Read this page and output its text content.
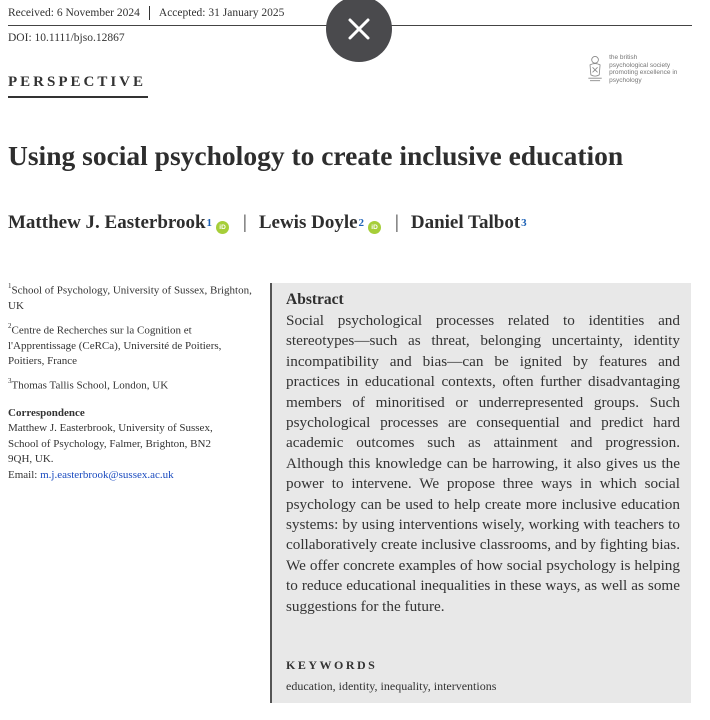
Received: 6 November 2024 Accepted: 31 January 2025
DOI: 10.1111/bjso.12867
PERSPECTIVE
the british
psychological society
promoting excellence in psychology
Using social psychology to create inclusive education
Matthew J. Easterbrook$^1$	iD | Lewis Doyle$^2$	iD | Daniel Talbot$^3$
$^1$School of Psychology, University of Sussex, Brighton, UK
$^2$Centre de Recherches sur la Cognition et l'Apprentissage (CeRCa), Université de Poitiers, Poitiers, France
$^3$Thomas Tallis School, London, UK
Correspondence
Matthew J. Easterbrook, University of Sussex,
School of Psychology, Falmer, Brighton, BN2
9QH, UK.
Email: m.j.easterbrook@sussex.ac.uk
Abstract
Social psychological processes related to identities and stereotypes—such as threat, belonging uncertainty, identity incompatibility and bias—can be ignited by features and practices in educational contexts, often further disadvantaging members of minoritised or underrepresented groups. Such psychological processes are consequential and predict hard academic outcomes such as attainment and progression. Although this knowledge can be harrowing, it also gives us the power to intervene. We propose three ways in which social psychology can be used to help create more inclusive education systems: by using interventions wisely, working with teachers to collaboratively create inclusive classrooms, and by fighting bias. We offer concrete examples of how social psychology is helping to reduce educational inequalities in these ways, as well as some suggestions for the future.
KEYWORDS
education, identity, inequality, interventions
